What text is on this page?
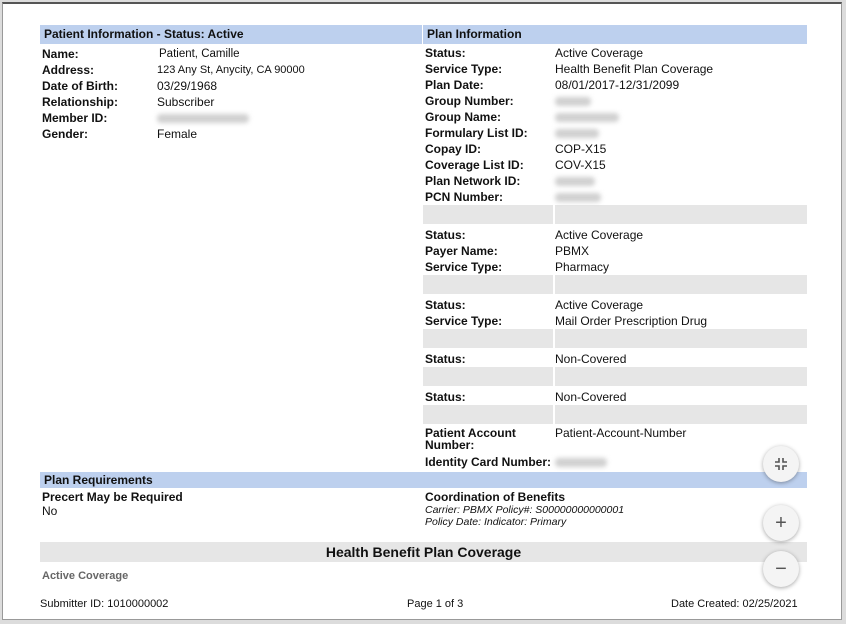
Patient Information - Status: Active
Name:	Patient, Camille
Address:	123 Any St, Anycity, CA 90000
Date of Birth:	03/29/1968
Relationship:	Subscriber
Member ID:
Gender:	Female
Plan Information
Status:	Active Coverage
Service Type:	Health Benefit Plan Coverage
Plan Date:	08/01/2017-12/31/2099
Group Number:
Group Name:
Formulary List ID:
Copay ID:	COP-X15
Coverage List ID:	COV-X15
Plan Network ID:
PCN Number:
Status:	Active Coverage
Payer Name:	PBMX
Service Type:	Pharmacy
Status:	Active Coverage
Service Type:	Mail Order Prescription Drug
Status:	Non-Covered
Status:	Non-Covered
Patient Account Number:
Patient-Account-Number
Identity Card Number:
Plan Requirements
Precert May be Required
No
Coordination of Benefits
Carrier: PBMX Policy#: S00000000000001
Policy Date: Indicator: Primary
Health Benefit Plan Coverage
Active Coverage
Submitter ID: 1010000002	Page 1 of 3	Date Created: 02/25/2021
+
−
